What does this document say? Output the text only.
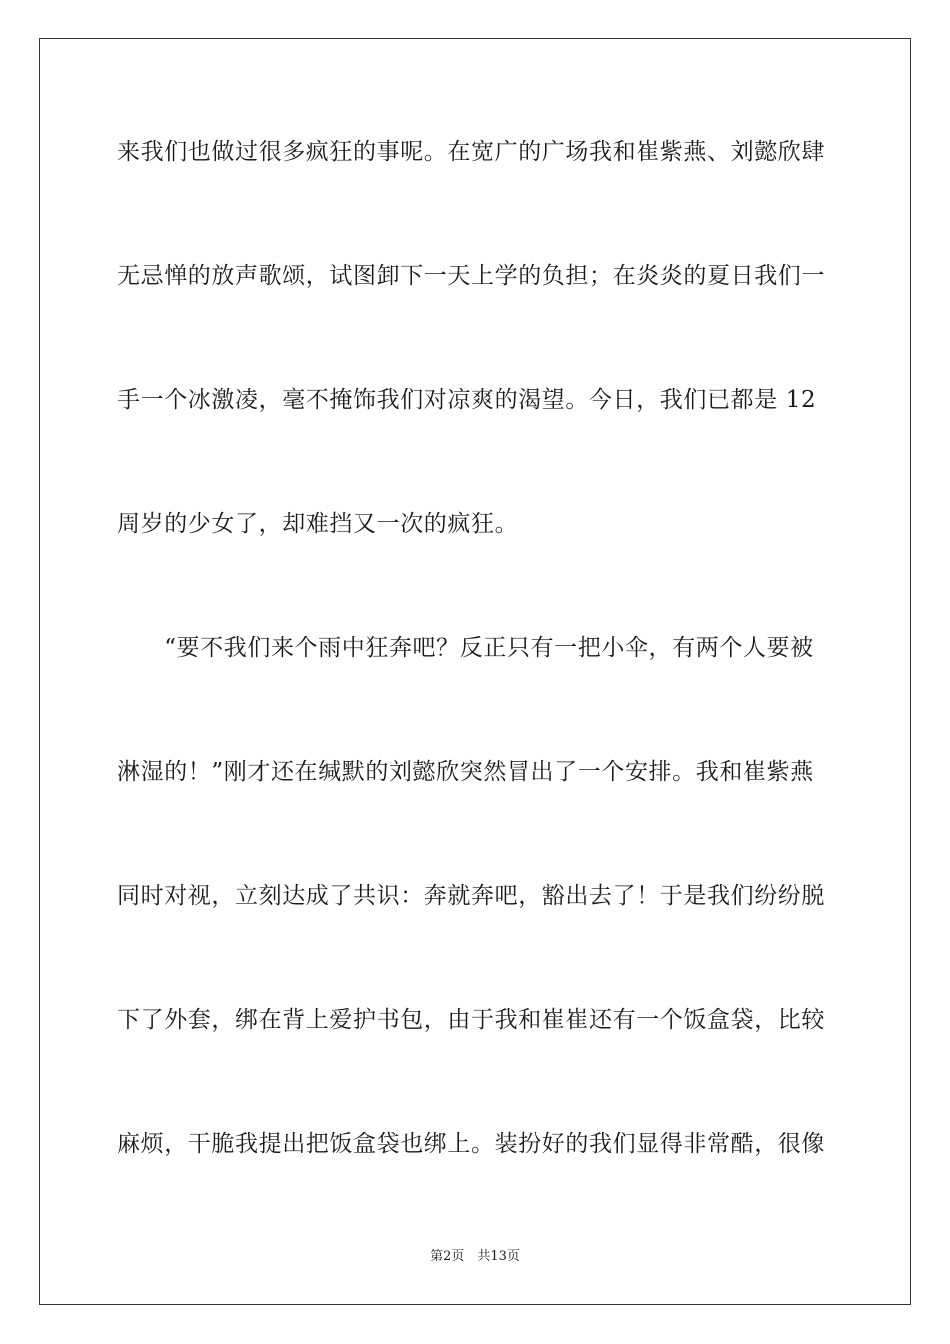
来我们也做过很多疯狂的事呢。在宽广的广场我和崔紫燕、刘懿欣肆
无忌惮的放声歌颂，试图卸下一天上学的负担；在炎炎的夏日我们一
手一个冰激凌，毫不掩饰我们对凉爽的渴望。今日，我们已都是 12
周岁的少女了，却难挡又一次的疯狂。
　　“要不我们来个雨中狂奔吧？反正只有一把小伞，有两个人要被
淋湿的！”刚才还在缄默的刘懿欣突然冒出了一个安排。我和崔紫燕
同时对视，立刻达成了共识：奔就奔吧，豁出去了！于是我们纷纷脱
下了外套，绑在背上爱护书包，由于我和崔崔还有一个饭盒袋，比较
麻烦，干脆我提出把饭盒袋也绑上。装扮好的我们显得非常酷，很像
第2页　共13页
